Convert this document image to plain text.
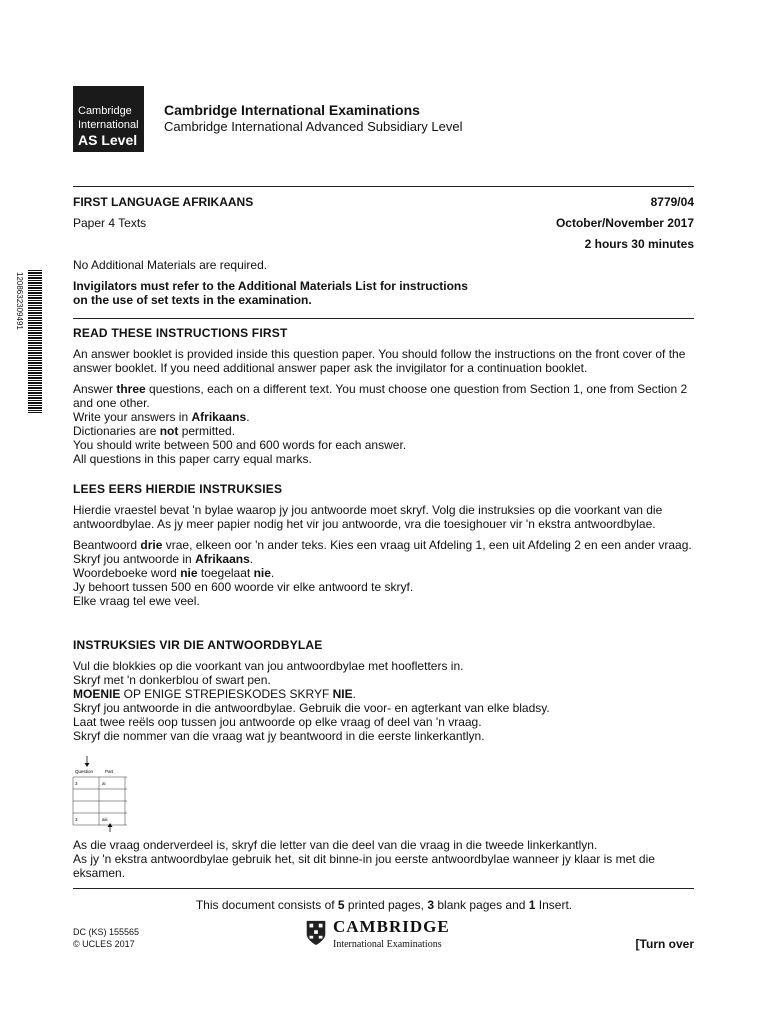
Cambridge
International
AS Level
Cambridge International Examinations
Cambridge International Advanced Subsidiary Level
FIRST LANGUAGE AFRIKAANS	8779/04
Paper 4 Texts	October/November 2017
2 hours 30 minutes
No Additional Materials are required.
Invigilators must refer to the Additional Materials List for instructions
on the use of set texts in the examination.
1208632309491

READ THESE INSTRUCTIONS FIRST

An answer booklet is provided inside this question paper. You should follow the instructions on the front cover of the answer booklet. If you need additional answer paper ask the invigilator for a continuation booklet.

Answer three questions, each on a different text. You must choose one question from Section 1, one from Section 2 and one other.

Write your answers in Afrikaans.

Dictionaries are not permitted.

You should write between 500 and 600 words for each answer.

All questions in this paper carry equal marks.

LEES EERS HIERDIE INSTRUKSIES

Hierdie vraestel bevat 'n bylae waarop jy jou antwoorde moet skryf. Volg die instruksies op die voorkant van die antwoordbylae. As jy meer papier nodig het vir jou antwoorde, vra die toesighouer vir 'n ekstra antwoordbylae.

Beantwoord drie vrae, elkeen oor 'n ander teks. Kies een vraag uit Afdeling 1, een uit Afdeling 2 en een ander vraag.

Skryf jou antwoorde in Afrikaans.

Woordeboeke word nie toegelaat nie.

Jy behoort tussen 500 en 600 woorde vir elke antwoord te skryf.

Elke vraag tel ewe veel.

INSTRUKSIES VIR DIE ANTWOORDBYLAE

Vul die blokkies op die voorkant van jou antwoordbylae met hoofletters in.

Skryf met 'n donkerblou of swart pen.

MOENIE OP ENIGE STREPIESKODES SKRYF NIE.

Skryf jou antwoorde in die antwoordbylae. Gebruik die voor- en agterkant van elke bladsy.

Laat twee reëls oop tussen jou antwoorde op elke vraag of deel van 'n vraag.

Skryf die nommer van die vraag wat jy beantwoord in die eerste linkerkantlyn.

Question	Part
3	ai
3	aiii

As die vraag onderverdeel is, skryf die letter van die deel van die vraag in die tweede linkerkantlyn.

As jy 'n ekstra antwoordbylae gebruik het, sit dit binne-in jou eerste antwoordbylae wanneer jy klaar is met die eksamen.

This document consists of 5 printed pages, 3 blank pages and 1 Insert.
DC (KS) 155565
© UCLES 2017
CAMBRIDGE
International Examinations	[Turn over
